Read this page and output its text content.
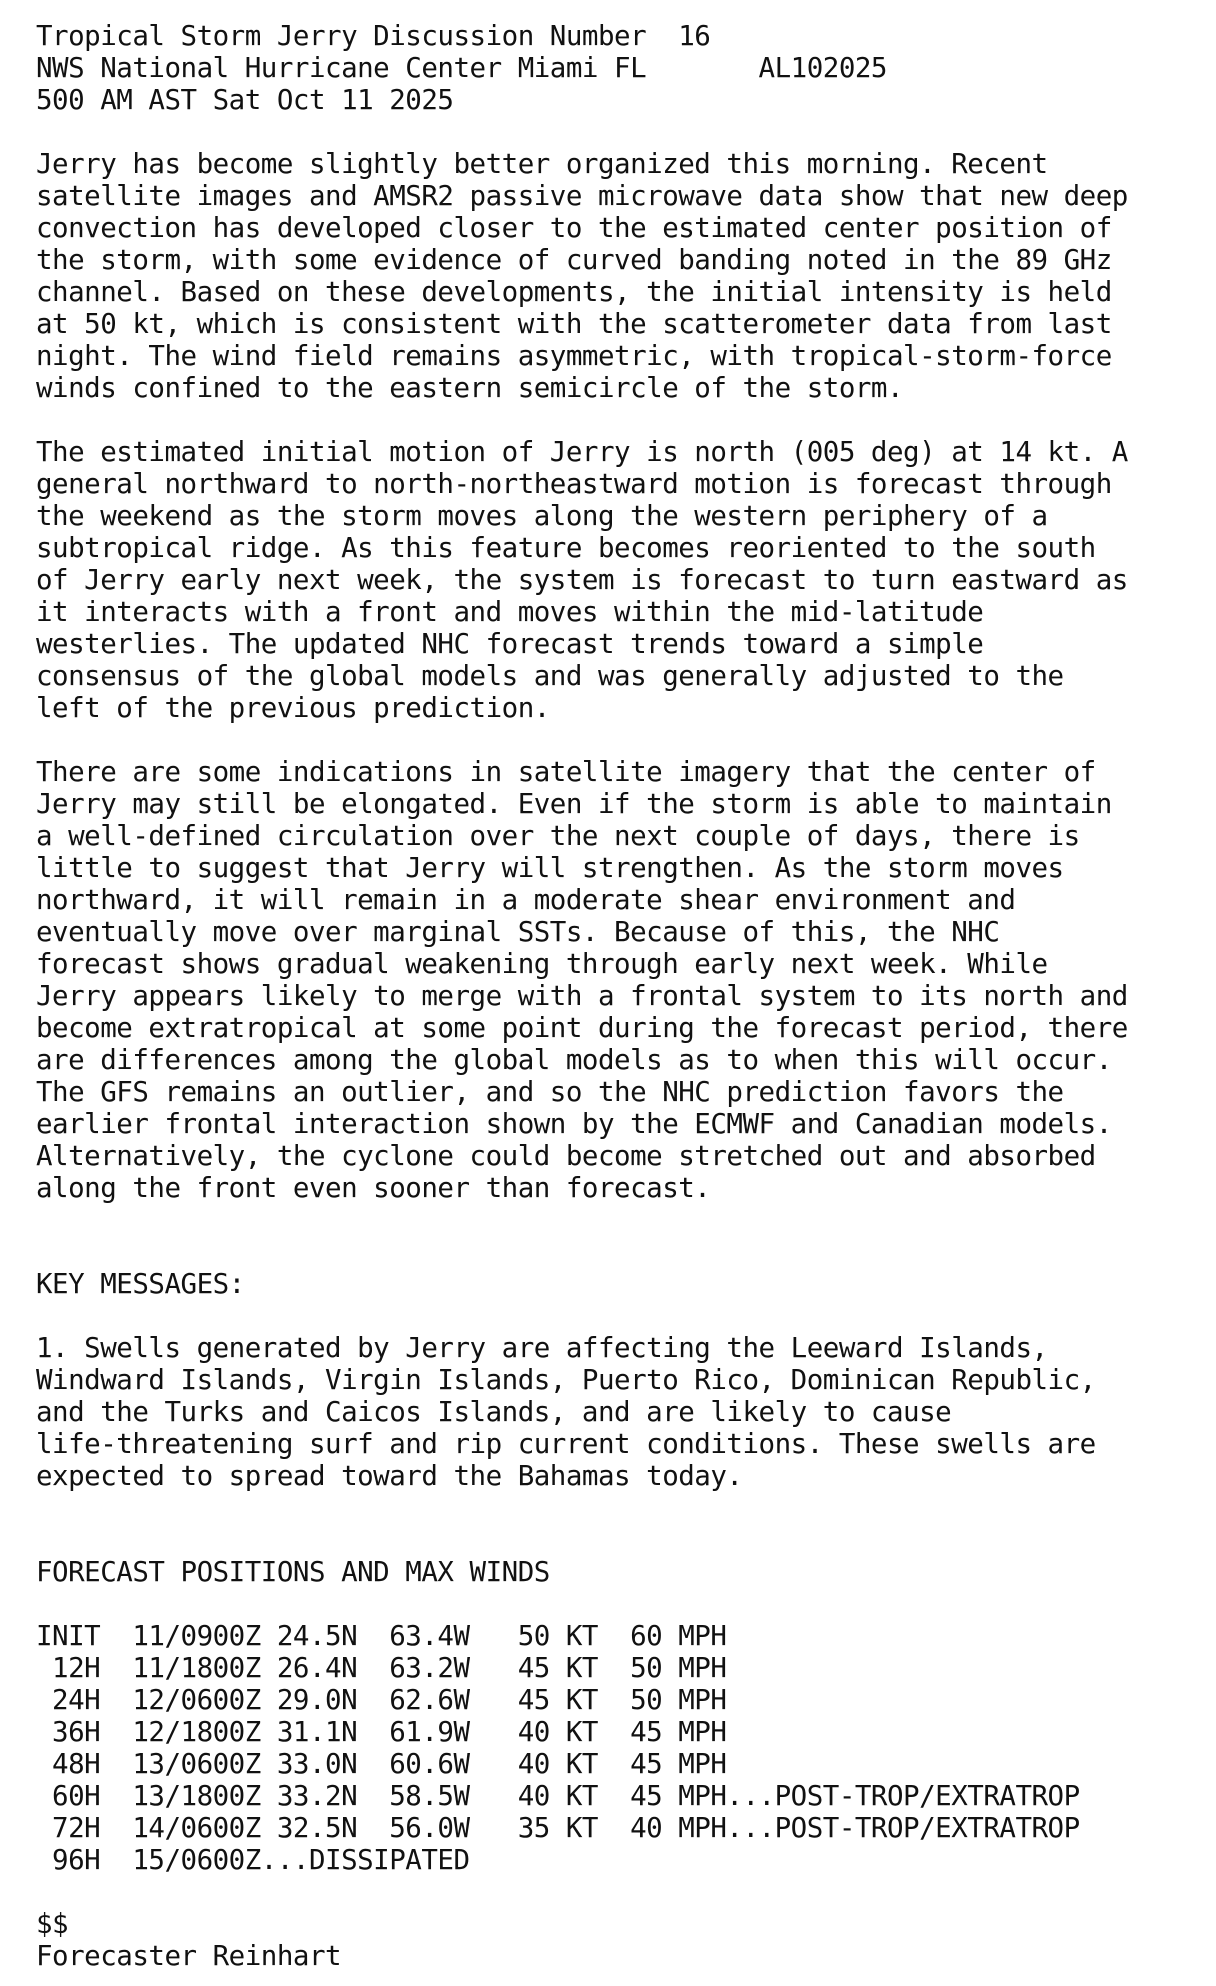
Tropical Storm Jerry Discussion Number  16
NWS National Hurricane Center Miami FL       AL102025
500 AM AST Sat Oct 11 2025
Jerry has become slightly better organized this morning. Recent
satellite images and AMSR2 passive microwave data show that new deep
convection has developed closer to the estimated center position of
the storm, with some evidence of curved banding noted in the 89 GHz
channel. Based on these developments, the initial intensity is held
at 50 kt, which is consistent with the scatterometer data from last
night. The wind field remains asymmetric, with tropical-storm-force
winds confined to the eastern semicircle of the storm.
The estimated initial motion of Jerry is north (005 deg) at 14 kt. A
general northward to north-northeastward motion is forecast through
the weekend as the storm moves along the western periphery of a
subtropical ridge. As this feature becomes reoriented to the south
of Jerry early next week, the system is forecast to turn eastward as
it interacts with a front and moves within the mid-latitude
westerlies. The updated NHC forecast trends toward a simple
consensus of the global models and was generally adjusted to the
left of the previous prediction.
There are some indications in satellite imagery that the center of
Jerry may still be elongated. Even if the storm is able to maintain
a well-defined circulation over the next couple of days, there is
little to suggest that Jerry will strengthen. As the storm moves
northward, it will remain in a moderate shear environment and
eventually move over marginal SSTs. Because of this, the NHC
forecast shows gradual weakening through early next week. While
Jerry appears likely to merge with a frontal system to its north and
become extratropical at some point during the forecast period, there
are differences among the global models as to when this will occur.
The GFS remains an outlier, and so the NHC prediction favors the
earlier frontal interaction shown by the ECMWF and Canadian models.
Alternatively, the cyclone could become stretched out and absorbed
along the front even sooner than forecast.
KEY MESSAGES:
1. Swells generated by Jerry are affecting the Leeward Islands,
Windward Islands, Virgin Islands, Puerto Rico, Dominican Republic,
and the Turks and Caicos Islands, and are likely to cause
life-threatening surf and rip current conditions. These swells are
expected to spread toward the Bahamas today.
FORECAST POSITIONS AND MAX WINDS
INIT  11/0900Z 24.5N  63.4W   50 KT  60 MPH
12H  11/1800Z 26.4N  63.2W   45 KT  50 MPH
24H  12/0600Z 29.0N  62.6W   45 KT  50 MPH
36H  12/1800Z 31.1N  61.9W   40 KT  45 MPH
48H  13/0600Z 33.0N  60.6W   40 KT  45 MPH
60H  13/1800Z 33.2N  58.5W   40 KT  45 MPH...POST-TROP/EXTRATROP
72H  14/0600Z 32.5N  56.0W   35 KT  40 MPH...POST-TROP/EXTRATROP
96H  15/0600Z...DISSIPATED
$$
Forecaster Reinhart
